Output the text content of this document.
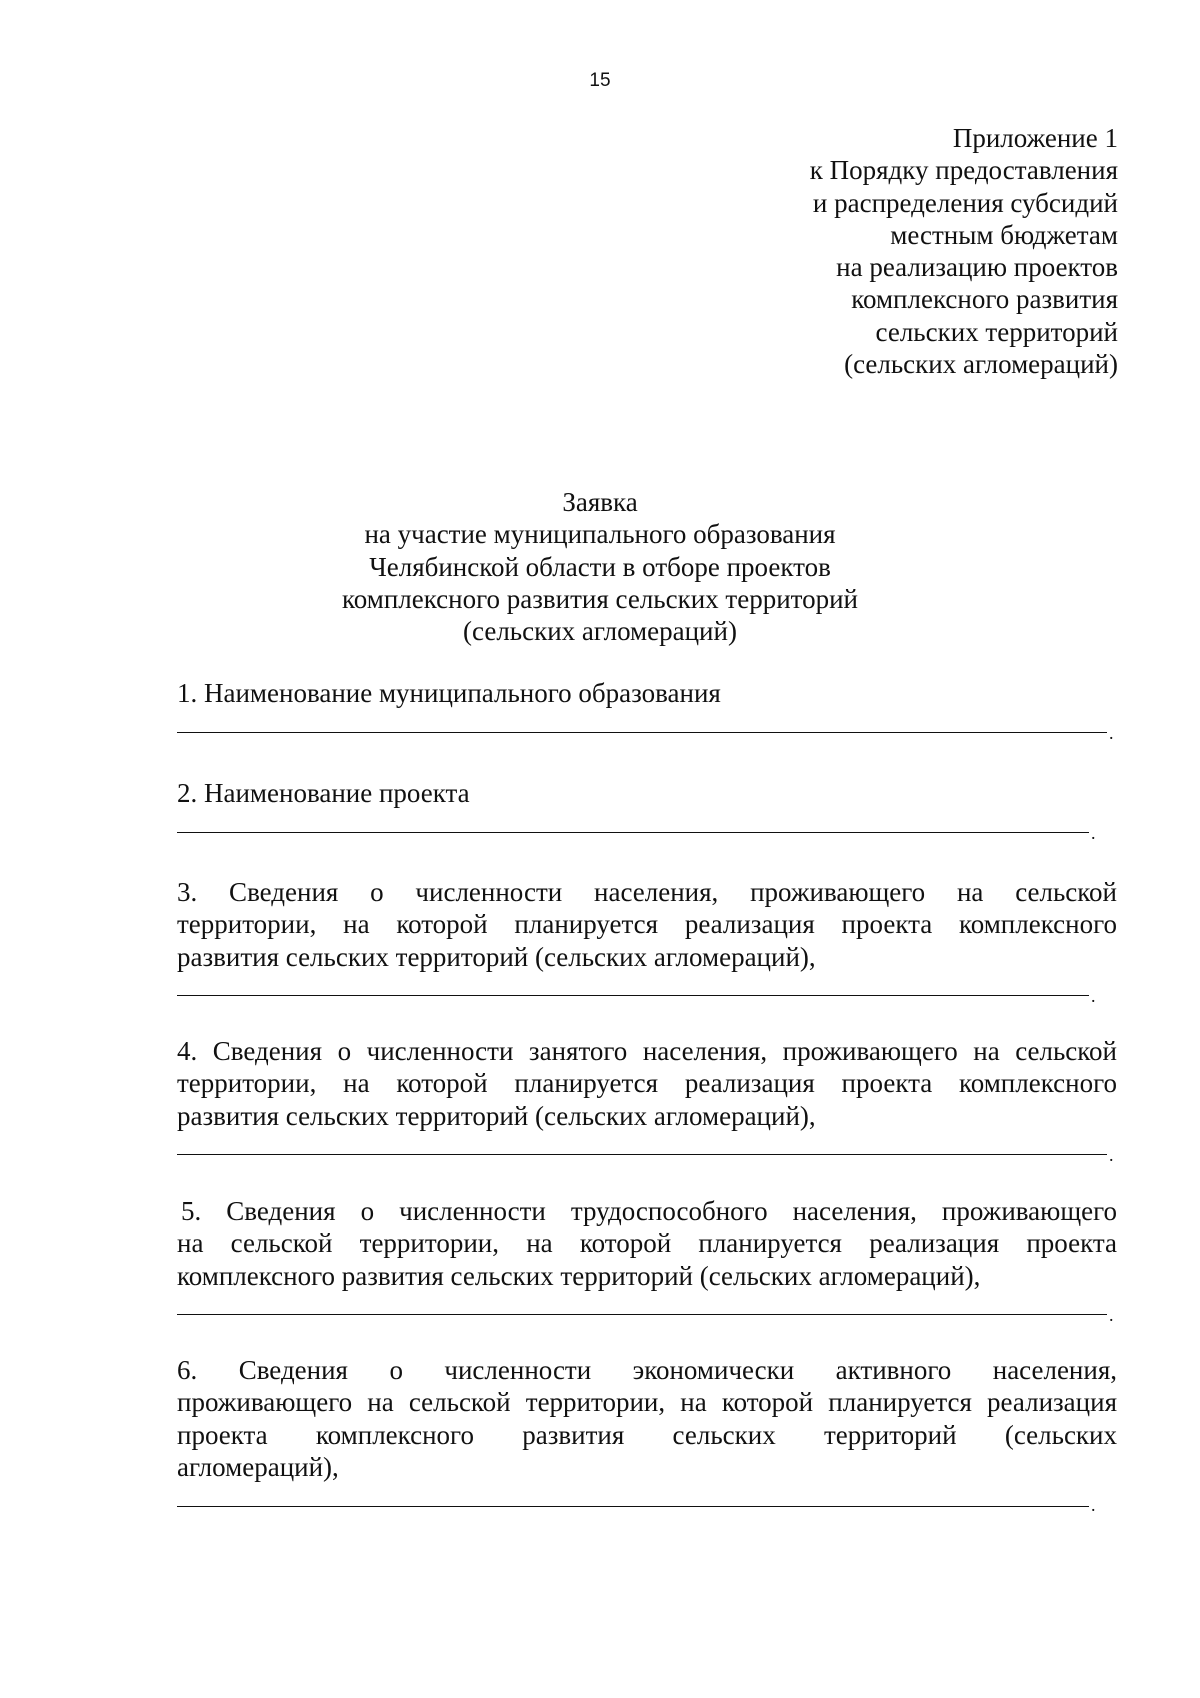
15
Приложение 1
к Порядку предоставления
и распределения субсидий
местным бюджетам
на реализацию проектов
комплексного развития
сельских территорий
(сельских агломераций)
Заявка
на участие муниципального образования
Челябинской области в отборе проектов
комплексного развития сельских территорий
(сельских агломераций)
1. Наименование муниципального образования
.
2. Наименование проекта
.
3. Сведения о численности населения, проживающего на сельской
территории, на которой планируется реализация проекта комплексного
развития сельских территорий (сельских агломераций),
.
4. Сведения о численности занятого населения, проживающего на сельской
территории, на которой планируется реализация проекта комплексного
развития сельских территорий (сельских агломераций),
.
5. Сведения о численности трудоспособного населения, проживающего
на сельской территории, на которой планируется реализация проекта
комплексного развития сельских территорий (сельских агломераций),
.
6. Сведения о численности экономически активного населения,
проживающего на сельской территории, на которой планируется реализация
проекта комплексного развития сельских территорий (сельских
агломераций),
.
